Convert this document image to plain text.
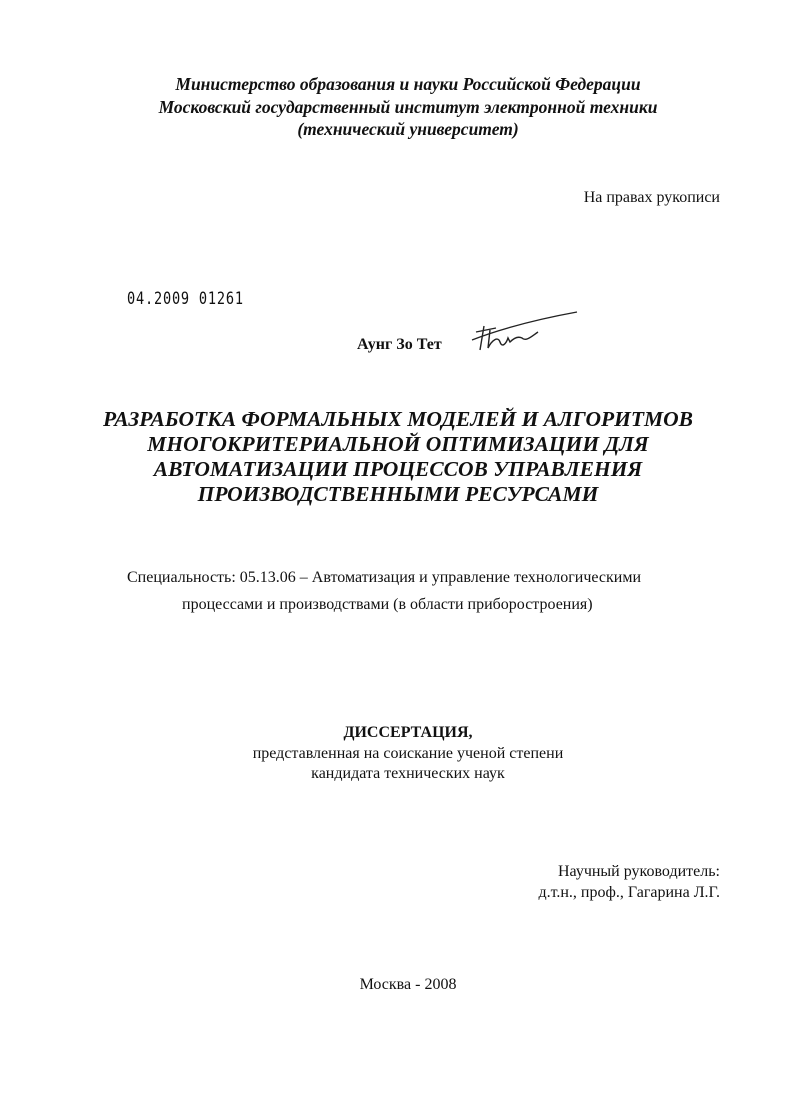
Министерство образования и науки Российской Федерации
Московский государственный институт электронной техники
(технический университет)
На правах рукописи
04.2009 01261
Аунг Зо Тет
РАЗРАБОТКА ФОРМАЛЬНЫХ МОДЕЛЕЙ И АЛГОРИТМОВ
МНОГОКРИТЕРИАЛЬНОЙ ОПТИМИЗАЦИИ ДЛЯ
АВТОМАТИЗАЦИИ ПРОЦЕССОВ УПРАВЛЕНИЯ
ПРОИЗВОДСТВЕННЫМИ РЕСУРСАМИ
Специальность: 05.13.06 – Автоматизация и управление технологическими
процессами и производствами (в области приборостроения)
ДИССЕРТАЦИЯ,
представленная на соискание ученой степени
кандидата технических наук
Научный руководитель:
д.т.н., проф., Гагарина Л.Г.
Москва - 2008
